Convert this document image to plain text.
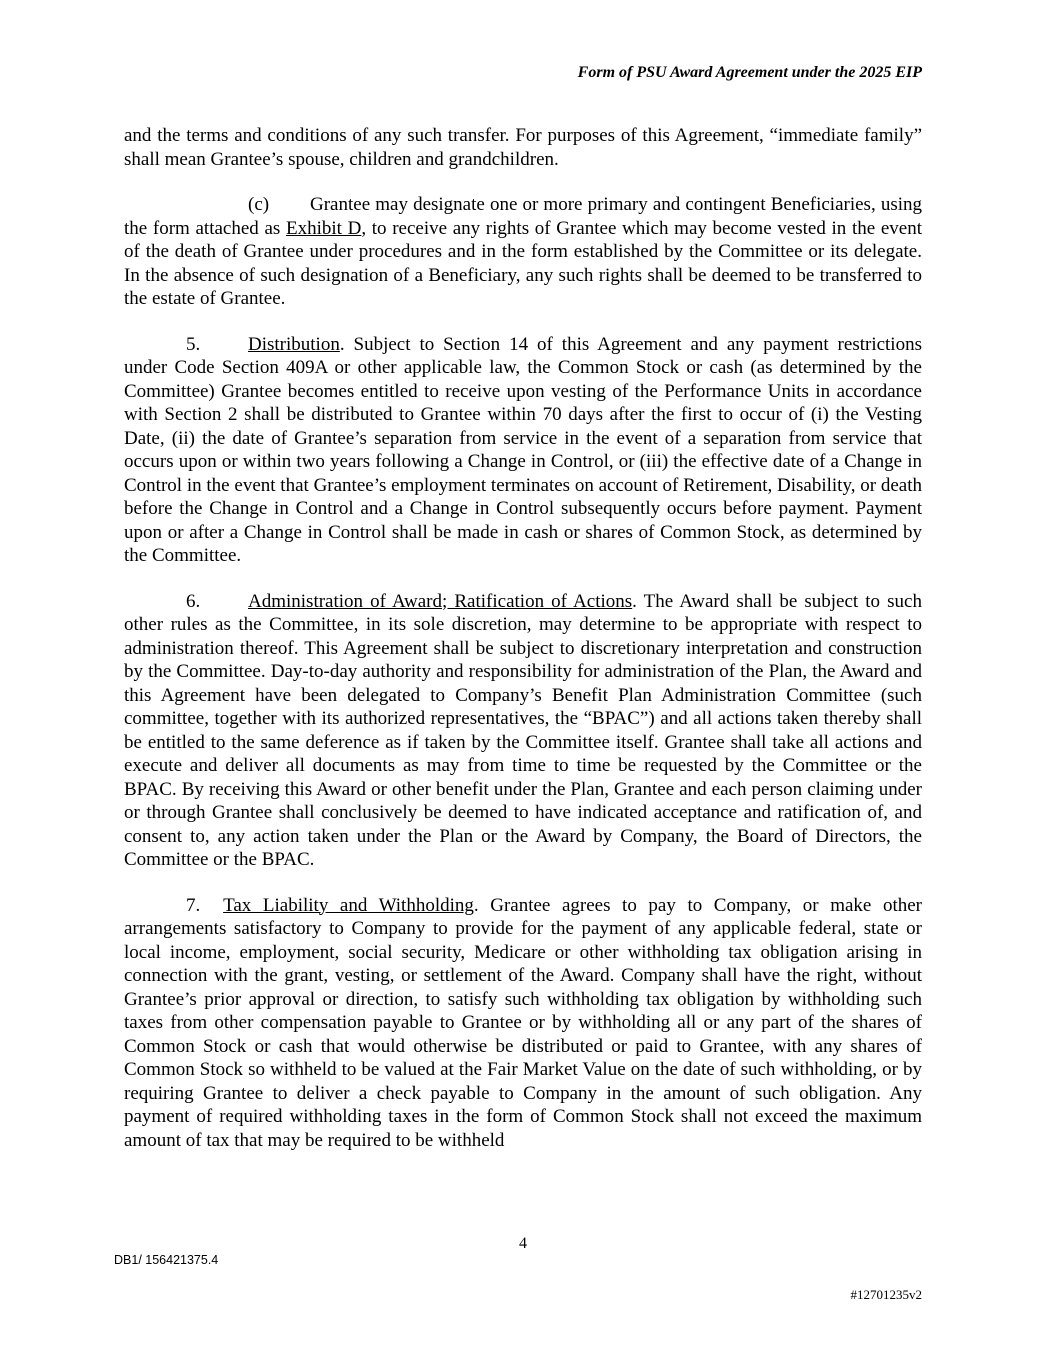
Form of PSU Award Agreement under the 2025 EIP

and the terms and conditions of any such transfer. For purposes of this Agreement, “immediate family” shall mean Grantee’s spouse, children and grandchildren.

(c) Grantee may designate one or more primary and contingent Beneficiaries, using the form attached as Exhibit D, to receive any rights of Grantee which may become vested in the event of the death of Grantee under procedures and in the form established by the Committee or its delegate. In the absence of such designation of a Beneficiary, any such rights shall be deemed to be transferred to the estate of Grantee.

5.	Distribution. Subject to Section 14 of this Agreement and any payment restrictions under Code Section 409A or other applicable law, the Common Stock or cash (as determined by the Committee) Grantee becomes entitled to receive upon vesting of the Performance Units in accordance with Section 2 shall be distributed to Grantee within 70 days after the first to occur of (i) the Vesting Date, (ii) the date of Grantee’s separation from service in the event of a separation from service that occurs upon or within two years following a Change in Control, or (iii) the effective date of a Change in Control in the event that Grantee’s employment terminates on account of Retirement, Disability, or death before the Change in Control and a Change in Control subsequently occurs before payment. Payment upon or after a Change in Control shall be made in cash or shares of Common Stock, as determined by the Committee.

6.	Administration of Award; Ratification of Actions. The Award shall be subject to such other rules as the Committee, in its sole discretion, may determine to be appropriate with respect to administration thereof. This Agreement shall be subject to discretionary interpretation and construction by the Committee. Day-to-day authority and responsibility for administration of the Plan, the Award and this Agreement have been delegated to Company’s Benefit Plan Administration Committee (such committee, together with its authorized representatives, the “BPAC”) and all actions taken thereby shall be entitled to the same deference as if taken by the Committee itself. Grantee shall take all actions and execute and deliver all documents as may from time to time be requested by the Committee or the BPAC. By receiving this Award or other benefit under the Plan, Grantee and each person claiming under or through Grantee shall conclusively be deemed to have indicated acceptance and ratification of, and consent to, any action taken under the Plan or the Award by Company, the Board of Directors, the Committee or the BPAC.

7. Tax Liability and Withholding. Grantee agrees to pay to Company, or make other arrangements satisfactory to Company to provide for the payment of any applicable federal, state or local income, employment, social security, Medicare or other withholding tax obligation arising in connection with the grant, vesting, or settlement of the Award. Company shall have the right, without Grantee’s prior approval or direction, to satisfy such withholding tax obligation by withholding such taxes from other compensation payable to Grantee or by withholding all or any part of the shares of Common Stock or cash that would otherwise be distributed or paid to Grantee, with any shares of Common Stock so withheld to be valued at the Fair Market Value on the date of such withholding, or by requiring Grantee to deliver a check payable to Company in the amount of such obligation. Any payment of required withholding taxes in the form of Common Stock shall not exceed the maximum amount of tax that may be required to be withheld

4
DB1/ 156421375.4
#12701235v2
